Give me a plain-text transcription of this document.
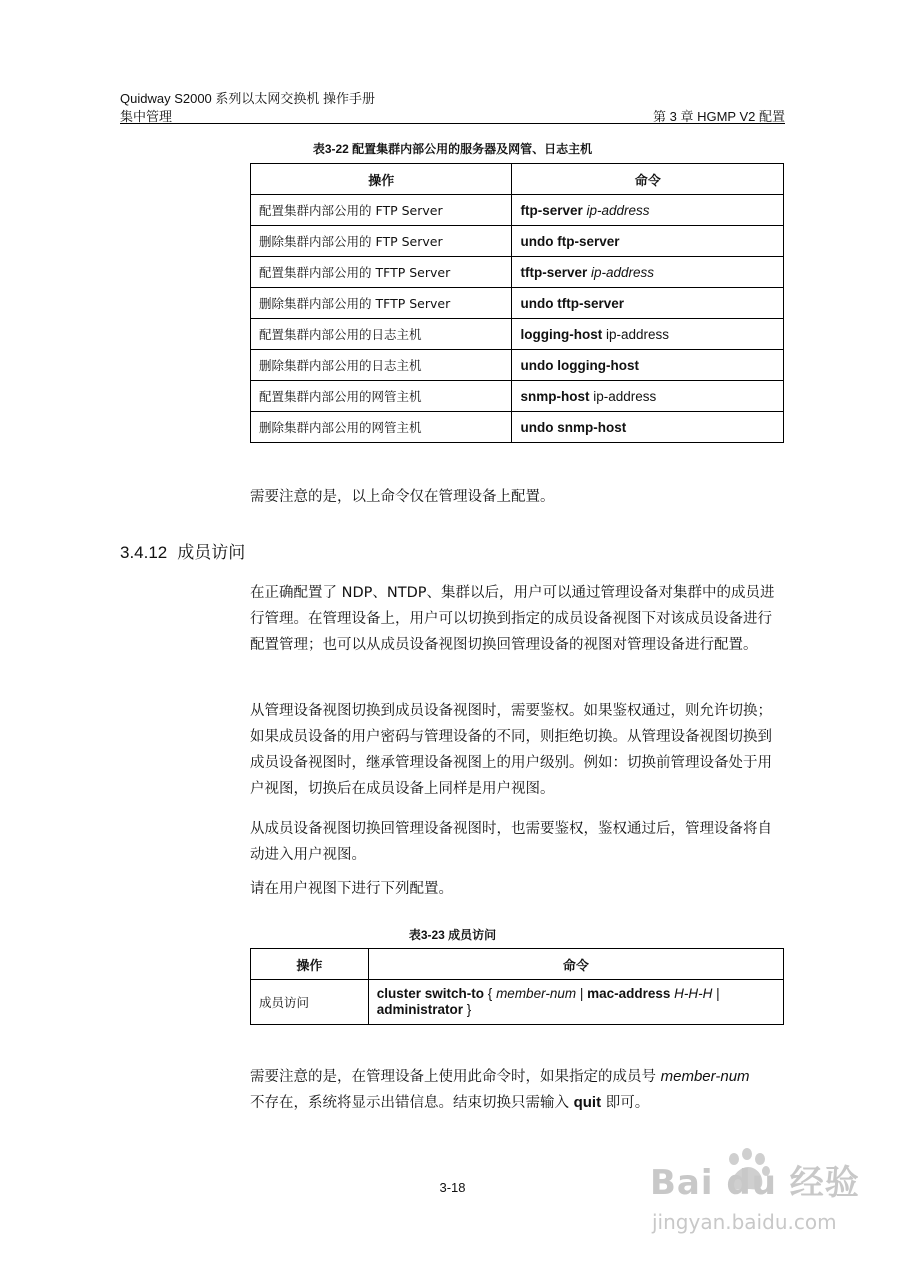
Quidway S2000 系列以太网交换机 操作手册
集中管理	第 3 章 HGMP V2 配置
表3-22 配置集群内部公用的服务器及网管、日志主机
操作	命令
配置集群内部公用的 FTP Server	ftp-server ip-address
删除集群内部公用的 FTP Server	undo ftp-server
配置集群内部公用的 TFTP Server	tftp-server ip-address
删除集群内部公用的 TFTP Server	undo tftp-server
配置集群内部公用的日志主机	logging-host ip-address
删除集群内部公用的日志主机	undo logging-host
配置集群内部公用的网管主机	snmp-host ip-address
删除集群内部公用的网管主机	undo snmp-host
需要注意的是，以上命令仅在管理设备上配置。
3.4.12 成员访问
在正确配置了 NDP、NTDP、集群以后，用户可以通过管理设备对集群中的成员进行管理。在管理设备上，用户可以切换到指定的成员设备视图下对该成员设备进行配置管理；也可以从成员设备视图切换回管理设备的视图对管理设备进行配置。
从管理设备视图切换到成员设备视图时，需要鉴权。如果鉴权通过，则允许切换；如果成员设备的用户密码与管理设备的不同，则拒绝切换。从管理设备视图切换到成员设备视图时，继承管理设备视图上的用户级别。例如：切换前管理设备处于用户视图，切换后在成员设备上同样是用户视图。
从成员设备视图切换回管理设备视图时，也需要鉴权，鉴权通过后，管理设备将自动进入用户视图。
请在用户视图下进行下列配置。
表3-23 成员访问
操作	命令
成员访问	cluster switch-to { member-num | mac-address H-H-H |
administrator }
需要注意的是，在管理设备上使用此命令时，如果指定的成员号 member-num
不存在，系统将显示出错信息。结束切换只需输入 quit 即可。
3-18	Bai du 经验
jingyan.baidu.com
